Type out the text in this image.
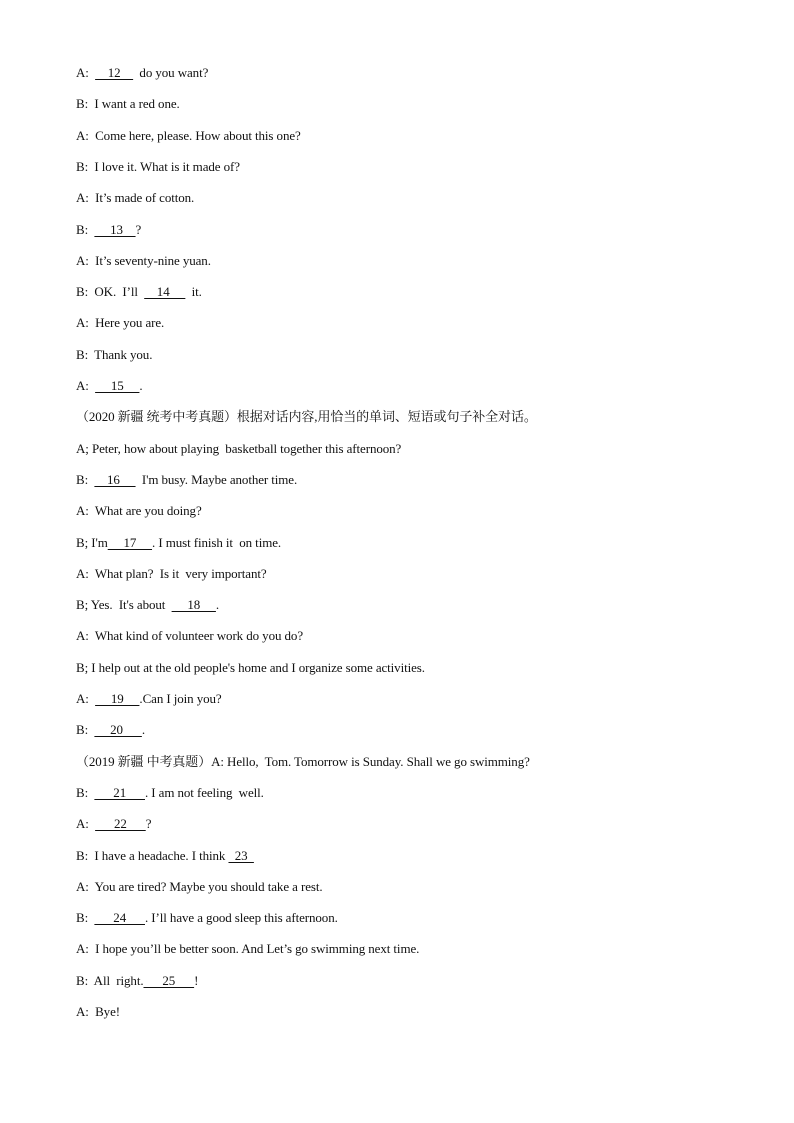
A:      12      do you want?
B:  I want a red one.
A:  Come here, please. How about this one?
B:  I love it. What is it made of?
A:  It’s made of cotton.
B:       13    ?
A:  It’s seventy-nine yuan.
B:  OK.  I’ll      14       it.
A:  Here you are.
B:  Thank you.
A:       15     .
（2020 新疆 统考中考真题）根据对话内容,用恰当的单词、短语或句子补全对话。
A; Peter, how about playing  basketball together this afternoon?
B:      16       I'm busy. Maybe another time.
A:  What are you doing?
B; I'm     17     . I must finish it  on time.
A:  What plan?  Is it  very important?
B; Yes.  It's about       18     .
A:  What kind of volunteer work do you do?
B; I help out at the old people's home and I organize some activities.
A:       19     .Can I join you?
B:       20      .
（2019 新疆 中考真题）A: Hello,  Tom. Tomorrow is Sunday. Shall we go swimming?
B:        21      . I am not feeling  well.
A:        22      ?
B:  I have a headache. I think   23
A:  You are tired? Maybe you should take a rest.
B:        24      . I’ll have a good sleep this afternoon.
A:  I hope you’ll be better soon. And Let’s go swimming next time.
B:  All  right.      25      !
A:  Bye!
